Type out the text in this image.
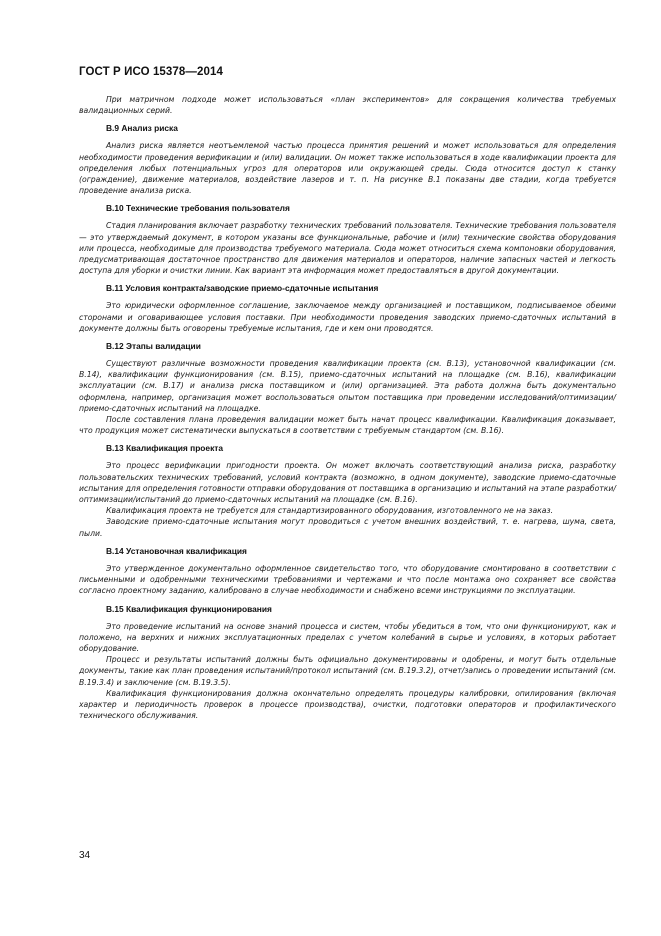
ГОСТ Р ИСО 15378—2014

При матричном подходе может использоваться «план экспериментов» для сокращения количества требуемых валидационных серий.

В.9 Анализ риска

Анализ риска является неотъемлемой частью процесса принятия решений и может использоваться для определения необходимости проведения верификации и (или) валидации. Он может также использоваться в ходе квалификации проекта для определения любых потенциальных угроз для операторов или окружающей среды. Сюда относится доступ к станку (ограждение), движение материалов, воздействие лазеров и т. п. На рисунке В.1 показаны две стадии, когда требуется проведение анализа риска.

В.10 Технические требования пользователя

Стадия планирования включает разработку технических требований пользователя. Технические требования пользователя — это утверждаемый документ, в котором указаны все функциональные, рабочие и (или) технические свойства оборудования или процесса, необходимые для производства требуемого материала. Сюда может относиться схема компоновки оборудования, предусматривающая достаточное пространство для движения материалов и операторов, наличие запасных частей и легкость доступа для уборки и очистки линии. Как вариант эта информация может предоставляться в другой документации.

В.11 Условия контракта/заводские приемо-сдаточные испытания

Это юридически оформленное соглашение, заключаемое между организацией и поставщиком, подписываемое обеими сторонами и оговаривающее условия поставки. При необходимости проведения заводских приемо-сдаточных испытаний в документе должны быть оговорены требуемые испытания, где и кем они проводятся.

В.12 Этапы валидации

Существуют различные возможности проведения квалификации проекта (см. В.13), установочной квалификации (см. В.14), квалификации функционирования (см. В.15), приемо-сдаточных испытаний на площадке (см. В.16), квалификации эксплуатации (см. В.17) и анализа риска поставщиком и (или) организацией. Эта работа должна быть документально оформлена, например, организация может воспользоваться опытом поставщика при проведении исследований/оптимизации/приемо-сдаточных испытаний на площадке.

После составления плана проведения валидации может быть начат процесс квалификации. Квалификация доказывает, что продукция может систематически выпускаться в соответствии с требуемым стандартом (см. В.16).

В.13 Квалификация проекта

Это процесс верификации пригодности проекта. Он может включать соответствующий анализа риска, разработку пользовательских технических требований, условий контракта (возможно, в одном документе), заводские приемо-сдаточные испытания для определения готовности отправки оборудования от поставщика в организацию и испытаний на этапе разработки/оптимизации/испытаний до приемо-сдаточных испытаний на площадке (см. В.16).

Квалификация проекта не требуется для стандартизированного оборудования, изготовленного не на заказ.

Заводские приемо-сдаточные испытания могут проводиться с учетом внешних воздействий, т. е. нагрева, шума, света, пыли.

В.14 Установочная квалификация

Это утвержденное документально оформленное свидетельство того, что оборудование смонтировано в соответствии с письменными и одобренными техническими требованиями и чертежами и что после монтажа оно сохраняет все свойства согласно проектному заданию, калибровано в случае необходимости и снабжено всеми инструкциями по эксплуатации.

В.15 Квалификация функционирования

Это проведение испытаний на основе знаний процесса и систем, чтобы убедиться в том, что они функционируют, как и положено, на верхних и нижних эксплуатационных пределах с учетом колебаний в сырье и условиях, в которых работает оборудование.

Процесс и результаты испытаний должны быть официально документированы и одобрены, и могут быть отдельные документы, такие как план проведения испытаний/протокол испытаний (см. В.19.3.2), отчет/запись о проведении испытаний (см. В.19.3.4) и заключение (см. В.19.3.5).

Квалификация функционирования должна окончательно определять процедуры калибровки, опилирования (включая характер и периодичность проверок в процессе производства), очистки, подготовки операторов и профилактического технического обслуживания.

34
